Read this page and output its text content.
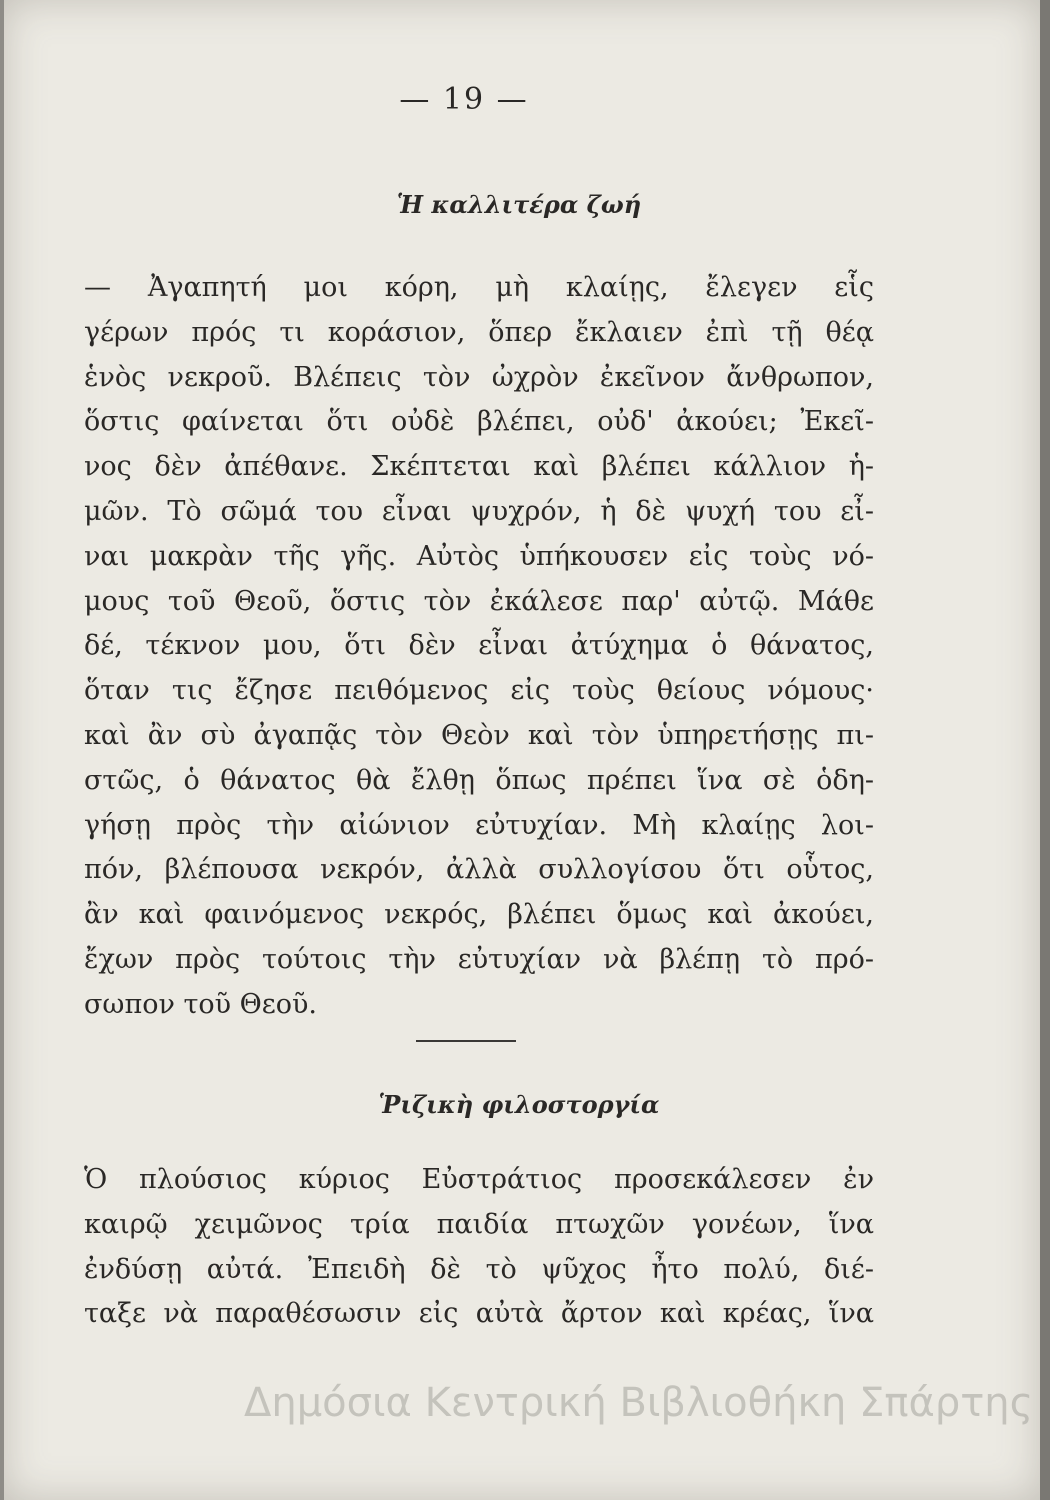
— 19 —
Ἡ καλλιτέρα ζωή
— Ἀγαπητή μοι κόρη, μὴ κλαίῃς, ἔλεγεν εἷς
γέρων πρός τι κοράσιον, ὅπερ ἔκλαιεν ἐπὶ τῇ θέᾳ
ἑνὸς νεκροῦ. Βλέπεις τὸν ὠχρὸν ἐκεῖνον ἄνθρωπον,
ὅστις φαίνεται ὅτι οὐδὲ βλέπει, οὐδ' ἀκούει; Ἐκεῖ-
νος δὲν ἀπέθανε. Σκέπτεται καὶ βλέπει κάλλιον ἡ-
μῶν. Τὸ σῶμά του εἶναι ψυχρόν, ἡ δὲ ψυχή του εἶ-
ναι μακρὰν τῆς γῆς. Αὐτὸς ὑπήκουσεν εἰς τοὺς νό-
μους τοῦ Θεοῦ, ὅστις τὸν ἐκάλεσε παρ' αὐτῷ. Μάθε
δέ, τέκνον μου, ὅτι δὲν εἶναι ἀτύχημα ὁ θάνατος,
ὅταν τις ἔζησε πειθόμενος εἰς τοὺς θείους νόμους·
καὶ ἂν σὺ ἀγαπᾷς τὸν Θεὸν καὶ τὸν ὑπηρετήσῃς πι-
στῶς, ὁ θάνατος θὰ ἔλθῃ ὅπως πρέπει ἵνα σὲ ὁδη-
γήσῃ πρὸς τὴν αἰώνιον εὐτυχίαν. Μὴ κλαίῃς λοι-
πόν, βλέπουσα νεκρόν, ἀλλὰ συλλογίσου ὅτι οὗτος,
ἂν καὶ φαινόμενος νεκρός, βλέπει ὅμως καὶ ἀκούει,
ἔχων πρὸς τούτοις τὴν εὐτυχίαν νὰ βλέπῃ τὸ πρό-
σωπον τοῦ Θεοῦ.
Ῥιζικὴ φιλοστοργία
Ὁ πλούσιος κύριος Εὐστράτιος προσεκάλεσεν ἐν
καιρῷ χειμῶνος τρία παιδία πτωχῶν γονέων, ἵνα
ἐνδύσῃ αὐτά. Ἐπειδὴ δὲ τὸ ψῦχος ἦτο πολύ, διέ-
ταξε νὰ παραθέσωσιν εἰς αὐτὰ ἄρτον καὶ κρέας, ἵνα
Δημόσια Κεντρική Βιβλιοθήκη Σπάρτης
